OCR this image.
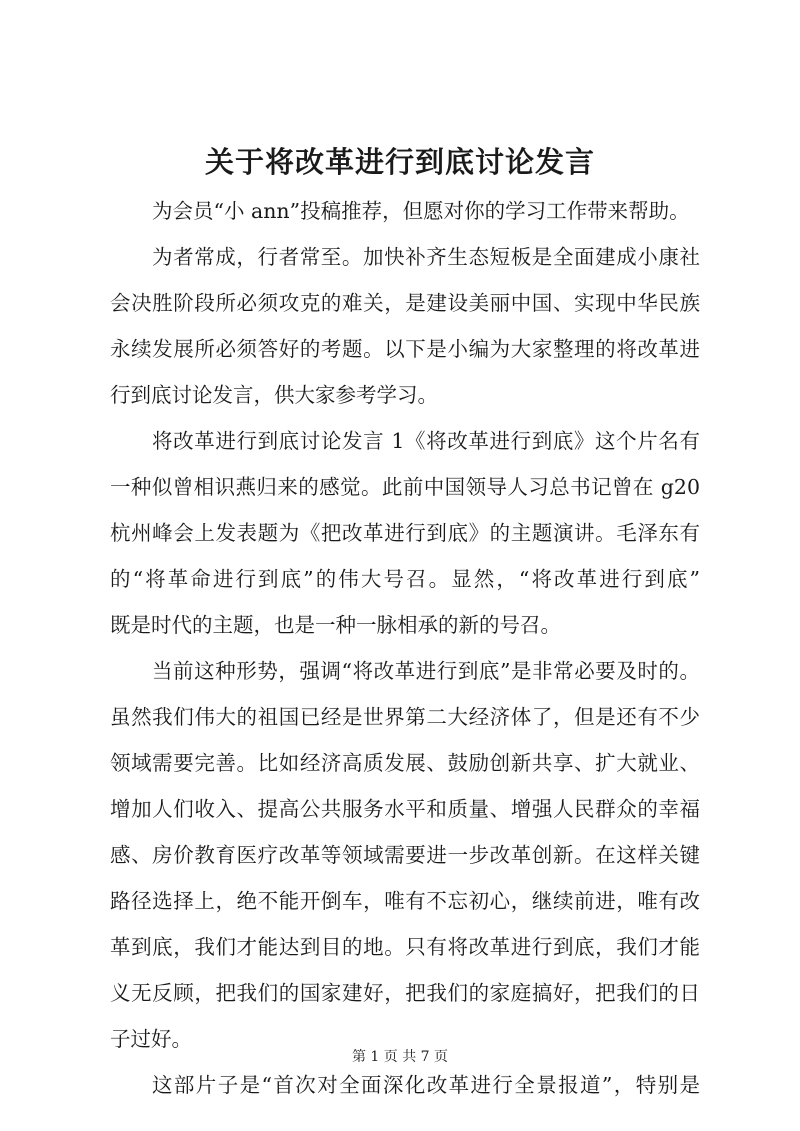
关于将改革进行到底讨论发言
为会员“小 ann”投稿推荐，但愿对你的学习工作带来帮助。
为者常成，行者常至。加快补齐生态短板是全面建成小康社
会决胜阶段所必须攻克的难关，是建设美丽中国、实现中华民族
永续发展所必须答好的考题。以下是小编为大家整理的将改革进
行到底讨论发言，供大家参考学习。
将改革进行到底讨论发言 1《将改革进行到底》这个片名有
一种似曾相识燕归来的感觉。此前中国领导人习总书记曾在 g20
杭州峰会上发表题为《把改革进行到底》的主题演讲。毛泽东有
的“将革命进行到底”的伟大号召。显然，“将改革进行到底”
既是时代的主题，也是一种一脉相承的新的号召。
当前这种形势，强调“将改革进行到底”是非常必要及时的。
虽然我们伟大的祖国已经是世界第二大经济体了，但是还有不少
领域需要完善。比如经济高质发展、鼓励创新共享、扩大就业、
增加人们收入、提高公共服务水平和质量、增强人民群众的幸福
感、房价教育医疗改革等领域需要进一步改革创新。在这样关键
路径选择上，绝不能开倒车，唯有不忘初心，继续前进，唯有改
革到底，我们才能达到目的地。只有将改革进行到底，我们才能
义无反顾，把我们的国家建好，把我们的家庭搞好，把我们的日
子过好。
这部片子是“首次对全面深化改革进行全景报道”，特别是
第 1 页 共 7 页
